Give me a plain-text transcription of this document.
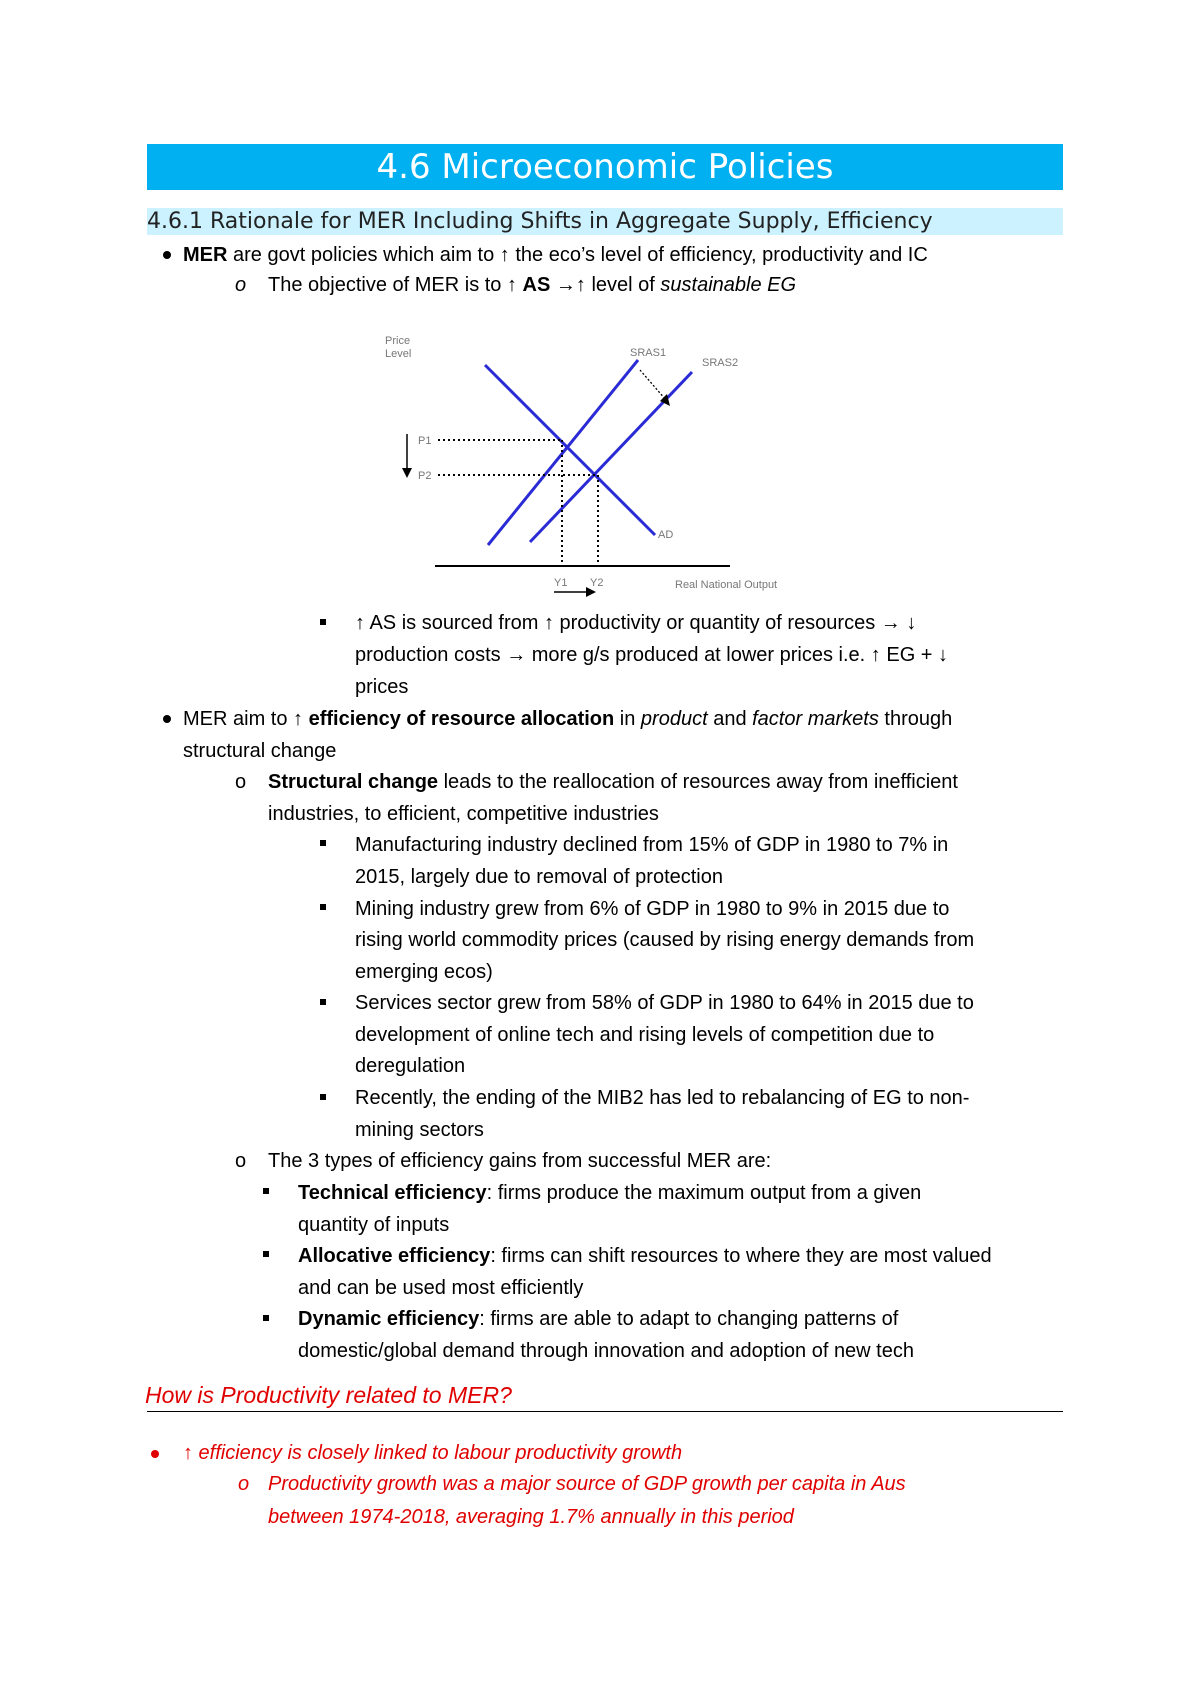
4.6 Microeconomic Policies
4.6.1 Rationale for MER Including Shifts in Aggregate Supply, Efficiency
MER are govt policies which aim to ↑ the eco’s level of efficiency, productivity and IC
o The objective of MER is to ↑ AS →↑ level of sustainable EG
Price
Level	SRAS1
SRAS2
P1
P2
AD
Y1 Y2	Real National Output
↑ AS is sourced from ↑ productivity or quantity of resources → ↓
production costs → more g/s produced at lower prices i.e. ↑ EG + ↓
prices
MER aim to ↑ efficiency of resource allocation in product and factor markets through
structural change
o Structural change leads to the reallocation of resources away from inefficient
industries, to efficient, competitive industries
Manufacturing industry declined from 15% of GDP in 1980 to 7% in
2015, largely due to removal of protection
Mining industry grew from 6% of GDP in 1980 to 9% in 2015 due to
rising world commodity prices (caused by rising energy demands from
emerging ecos)
Services sector grew from 58% of GDP in 1980 to 64% in 2015 due to
development of online tech and rising levels of competition due to
deregulation
Recently, the ending of the MIB2 has led to rebalancing of EG to non-
mining sectors
o The 3 types of efficiency gains from successful MER are:
Technical efficiency: firms produce the maximum output from a given
quantity of inputs
Allocative efficiency: firms can shift resources to where they are most valued
and can be used most efficiently
Dynamic efficiency: firms are able to adapt to changing patterns of
domestic/global demand through innovation and adoption of new tech
How is Productivity related to MER?
↑ efficiency is closely linked to labour productivity growth
o Productivity growth was a major source of GDP growth per capita in Aus
between 1974-2018, averaging 1.7% annually in this period
